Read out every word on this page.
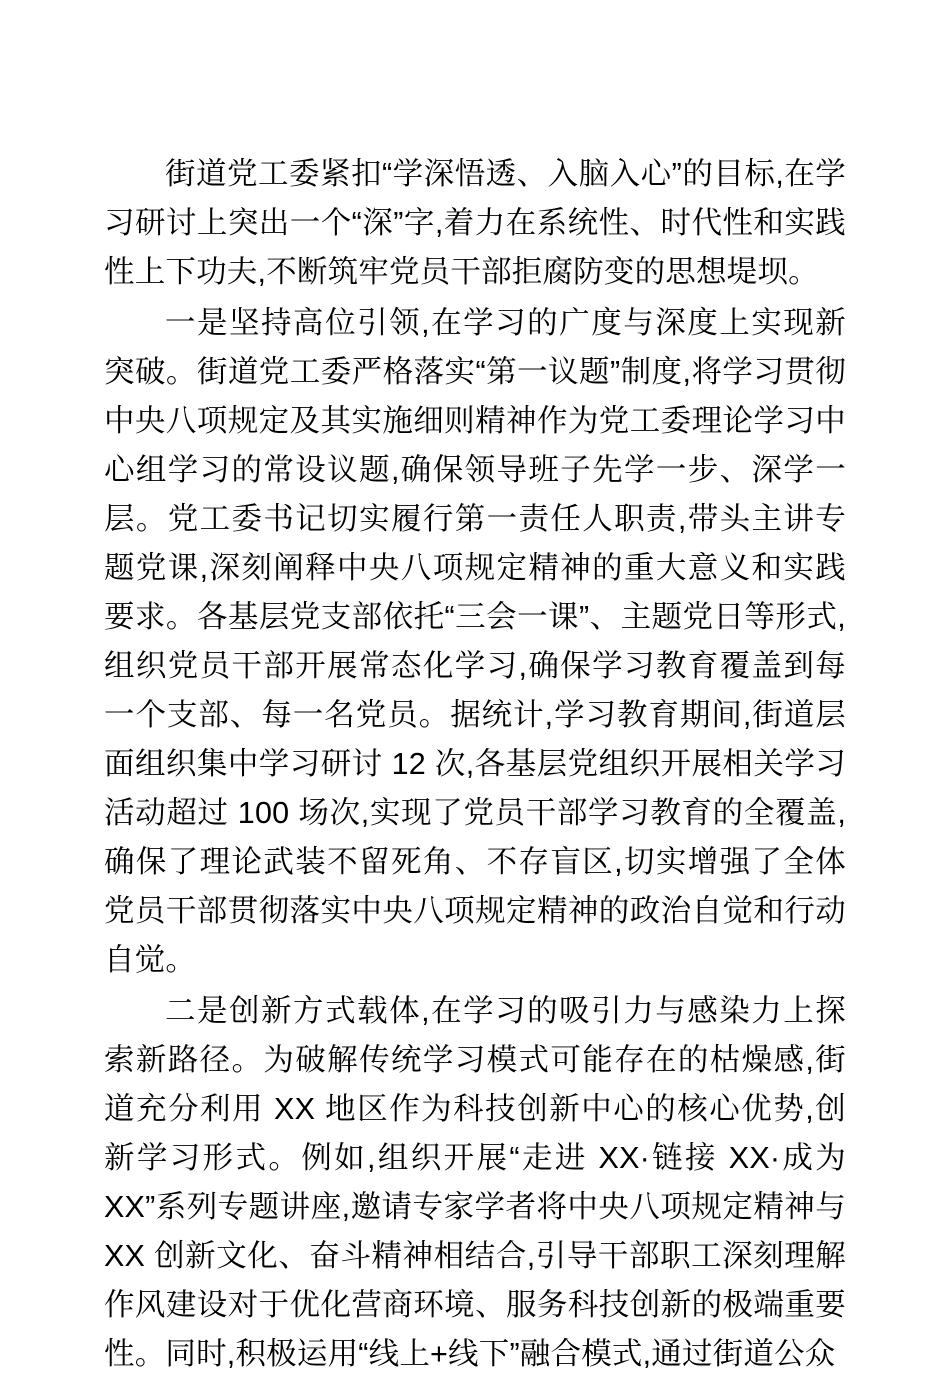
街道党工委紧扣“学深悟透、入脑入心”的目标,在学习研讨上突出一个“深”字,着力在系统性、时代性和实践性上下功夫,不断筑牢党员干部拒腐防变的思想堤坝。

一是坚持高位引领,在学习的广度与深度上实现新突破。街道党工委严格落实“第一议题”制度,将学习贯彻中央八项规定及其实施细则精神作为党工委理论学习中心组学习的常设议题,确保领导班子先学一步、深学一层。党工委书记切实履行第一责任人职责,带头主讲专题党课,深刻阐释中央八项规定精神的重大意义和实践要求。各基层党支部依托“三会一课”、主题党日等形式,组织党员干部开展常态化学习,确保学习教育覆盖到每一个支部、每一名党员。据统计,学习教育期间,街道层面组织集中学习研讨 12 次,各基层党组织开展相关学习活动超过 100 场次,实现了党员干部学习教育的全覆盖,确保了理论武装不留死角、不存盲区,切实增强了全体党员干部贯彻落实中央八项规定精神的政治自觉和行动自觉。

二是创新方式载体,在学习的吸引力与感染力上探索新路径。为破解传统学习模式可能存在的枯燥感,街道充分利用 XX 地区作为科技创新中心的核心优势,创新学习形式。例如,组织开展“走进 XX·链接 XX·成为 XX”系列专题讲座,邀请专家学者将中央八项规定精神与 XX 创新文化、奋斗精神相结合,引导干部职工深刻理解作风建设对于优化营商环境、服务科技创新的极端重要性。同时,积极运用“线上+线下”融合模式,通过街道公众
